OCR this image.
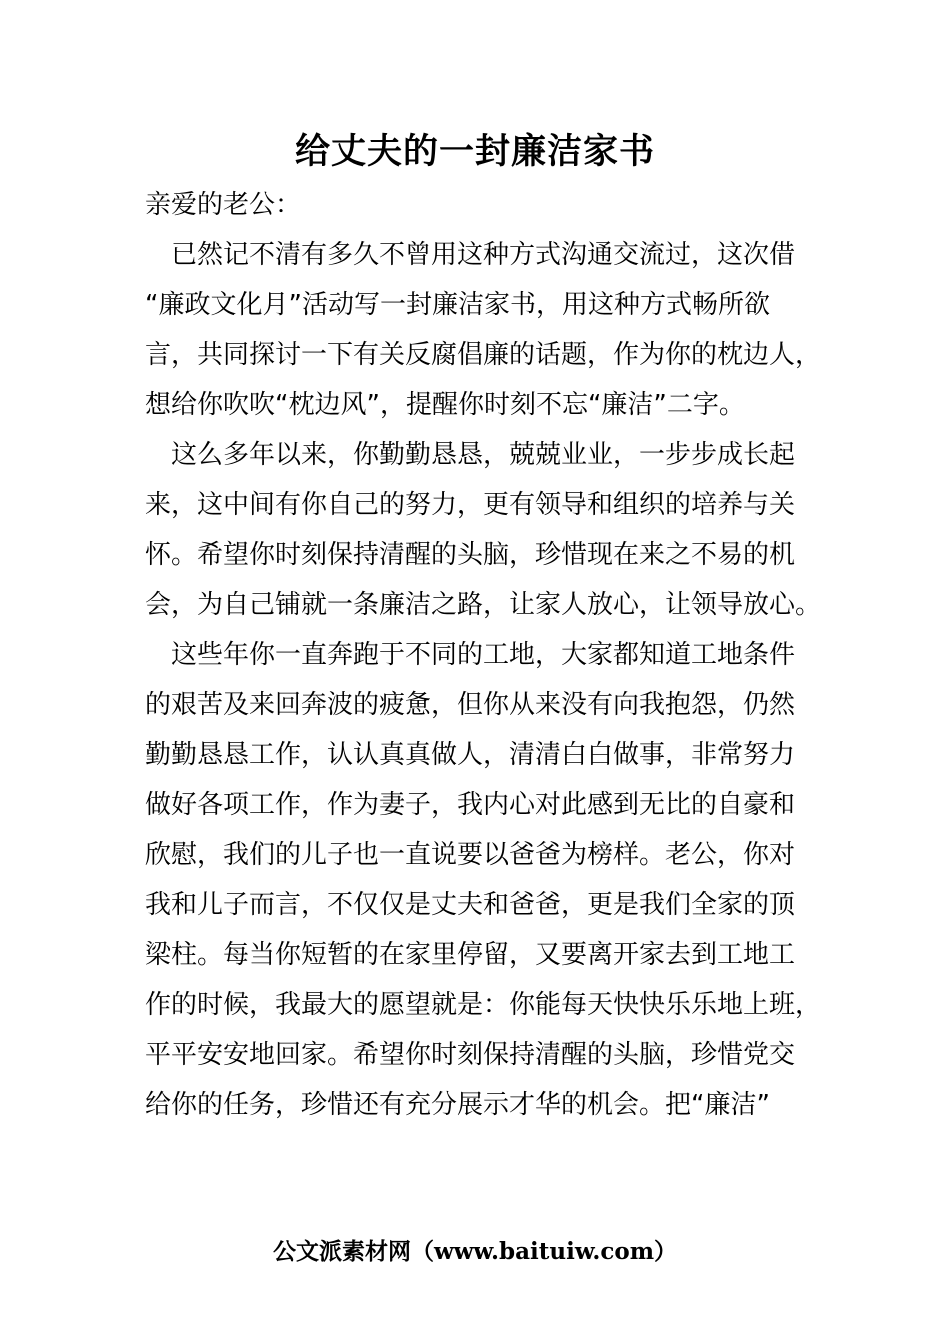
给丈夫的一封廉洁家书
亲爱的老公：
　已然记不清有多久不曾用这种方式沟通交流过，这次借
“廉政文化月”活动写一封廉洁家书，用这种方式畅所欲
言，共同探讨一下有关反腐倡廉的话题，作为你的枕边人，
想给你吹吹“枕边风”，提醒你时刻不忘“廉洁”二字。
　这么多年以来，你勤勤恳恳，兢兢业业，一步步成长起
来，这中间有你自己的努力，更有领导和组织的培养与关
怀。希望你时刻保持清醒的头脑，珍惜现在来之不易的机
会，为自己铺就一条廉洁之路，让家人放心，让领导放心。
　这些年你一直奔跑于不同的工地，大家都知道工地条件
的艰苦及来回奔波的疲惫，但你从来没有向我抱怨，仍然
勤勤恳恳工作，认认真真做人，清清白白做事，非常努力
做好各项工作，作为妻子，我内心对此感到无比的自豪和
欣慰，我们的儿子也一直说要以爸爸为榜样。老公，你对
我和儿子而言，不仅仅是丈夫和爸爸，更是我们全家的顶
梁柱。每当你短暂的在家里停留，又要离开家去到工地工
作的时候，我最大的愿望就是：你能每天快快乐乐地上班，
平平安安地回家。希望你时刻保持清醒的头脑，珍惜党交
给你的任务，珍惜还有充分展示才华的机会。把“廉洁”
公文派素材网（www.baituiw.com）
